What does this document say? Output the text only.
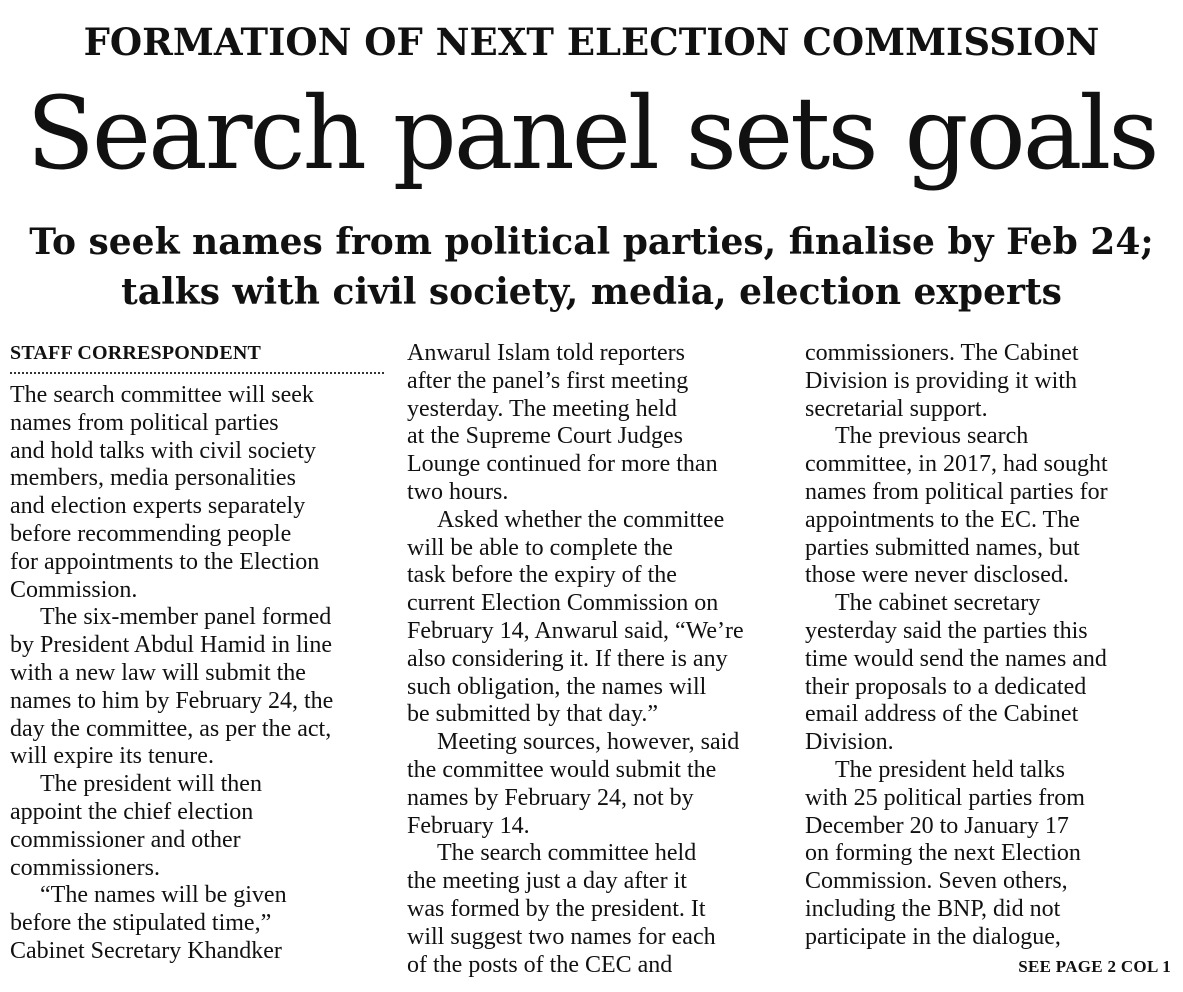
FORMATION OF NEXT ELECTION COMMISSION
Search panel sets goals
To seek names from political parties, finalise by Feb 24;
talks with civil society, media, election experts
STAFF CORRESPONDENT
The search committee will seek
names from political parties
and hold talks with civil society
members, media personalities
and election experts separately
before recommending people
for appointments to the Election
Commission.
The six-member panel formed
by President Abdul Hamid in line
with a new law will submit the
names to him by February 24, the
day the committee, as per the act,
will expire its tenure.
The president will then
appoint the chief election
commissioner and other
commissioners.
“The names will be given
before the stipulated time,”
Cabinet Secretary Khandker
Anwarul Islam told reporters
after the panel’s first meeting
yesterday. The meeting held
at the Supreme Court Judges
Lounge continued for more than
two hours.
Asked whether the committee
will be able to complete the
task before the expiry of the
current Election Commission on
February 14, Anwarul said, “We’re
also considering it. If there is any
such obligation, the names will
be submitted by that day.”
Meeting sources, however, said
the committee would submit the
names by February 24, not by
February 14.
The search committee held
the meeting just a day after it
was formed by the president. It
will suggest two names for each
of the posts of the CEC and
commissioners. The Cabinet
Division is providing it with
secretarial support.
The previous search
committee, in 2017, had sought
names from political parties for
appointments to the EC. The
parties submitted names, but
those were never disclosed.
The cabinet secretary
yesterday said the parties this
time would send the names and
their proposals to a dedicated
email address of the Cabinet
Division.
The president held talks
with 25 political parties from
December 20 to January 17
on forming the next Election
Commission. Seven others,
including the BNP, did not
participate in the dialogue,
SEE PAGE 2 COL 1
